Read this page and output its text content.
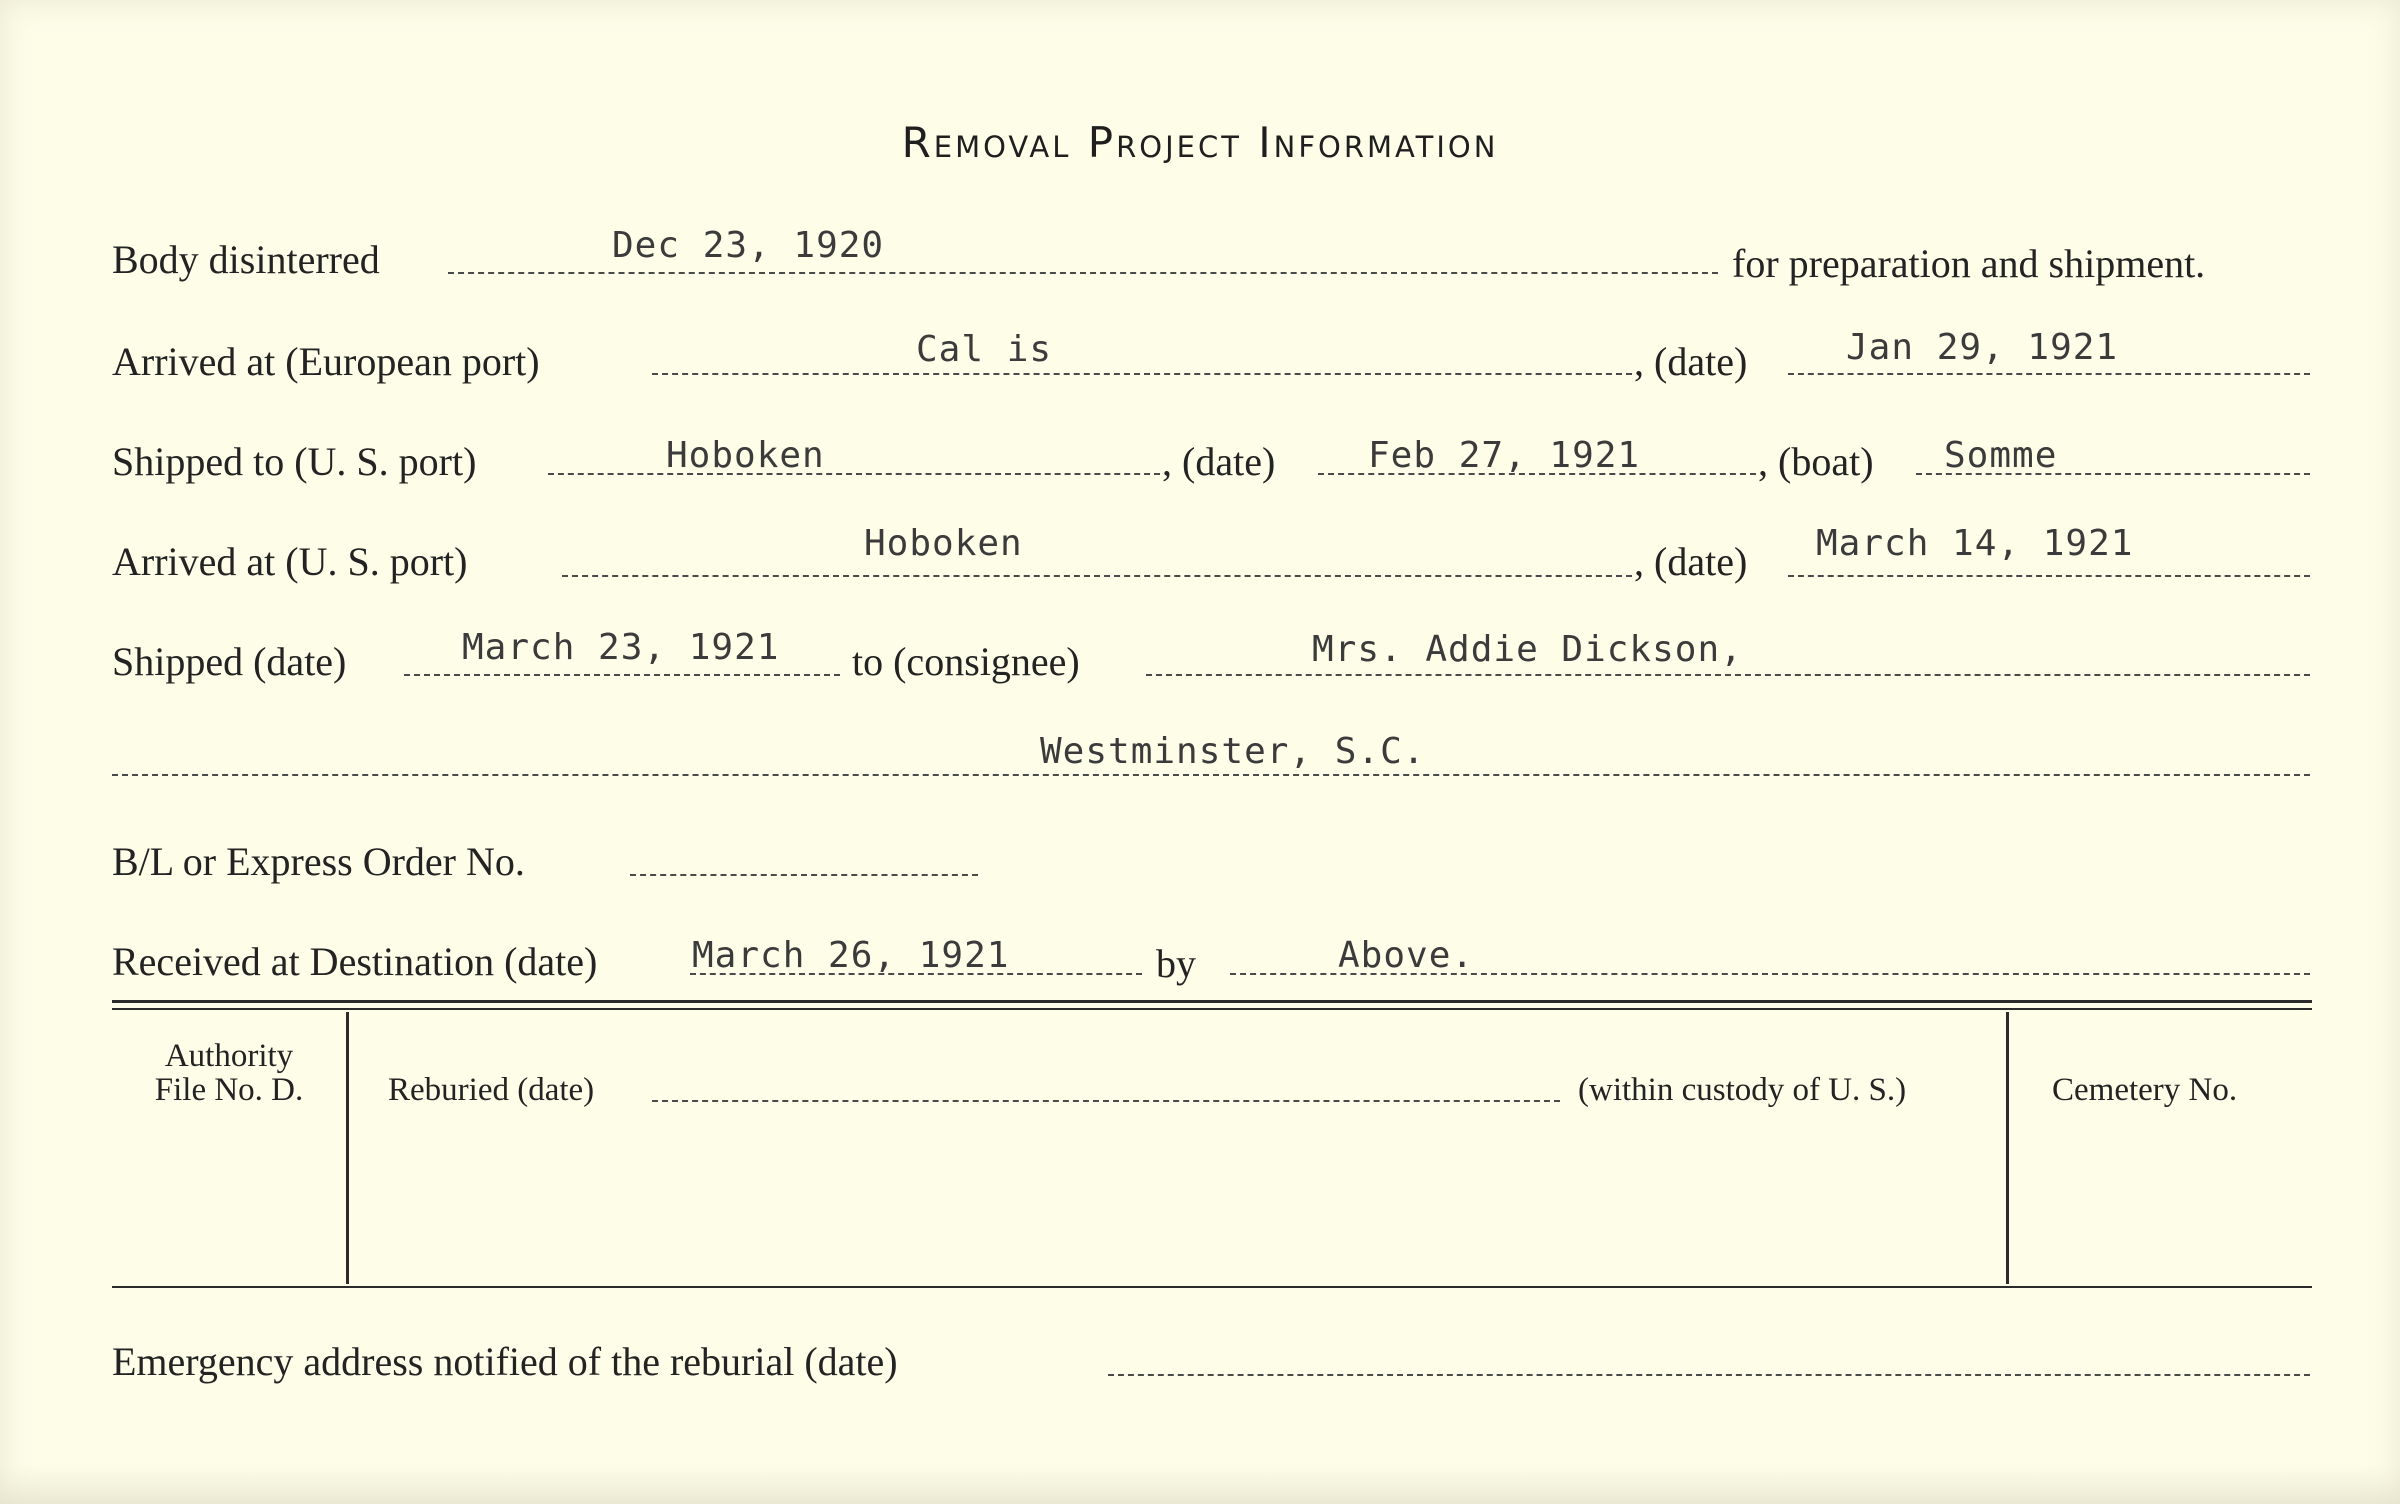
Removal Project Information
Body disinterred	Dec 23, 1920	for preparation and shipment.
Arrived at (European port)	Cal is	, (date)	Jan 29, 1921
Shipped to (U. S. port)	Hoboken	, (date)	Feb 27, 1921	, (boat) Somme
Arrived at (U. S. port)	Hoboken	, (date) March 14, 1921
Shipped (date)	March 23, 1921 to (consignee)	Mrs. Addie Dickson,
Westminster, S.C.
B/L or Express Order No.
Received at Destination (date)	March 26, 1921	by	Above.
Authority
File No. D.	Reburied (date)	(within custody of U. S.)	Cemetery No.
Emergency address notified of the reburial (date)
